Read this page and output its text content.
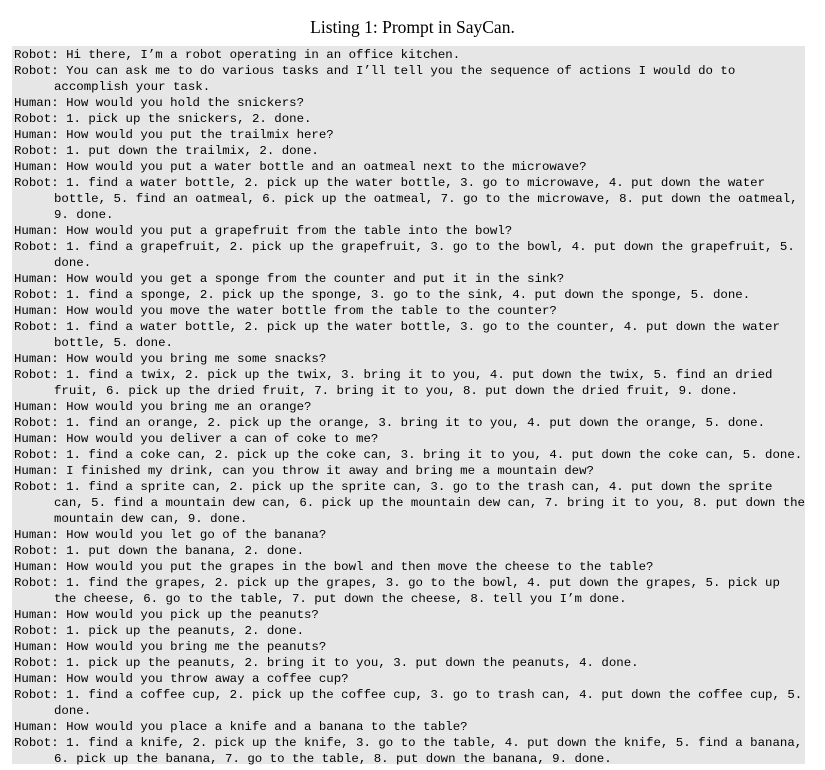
Listing 1: Prompt in SayCan.
Robot: Hi there, I’m a robot operating in an office kitchen.
Robot: You can ask me to do various tasks and I’ll tell you the sequence of actions I would do to accomplish your task.
Human: How would you hold the snickers?
Robot: 1. pick up the snickers, 2. done.
Human: How would you put the trailmix here?
Robot: 1. put down the trailmix, 2. done.
Human: How would you put a water bottle and an oatmeal next to the microwave?
Robot: 1. find a water bottle, 2. pick up the water bottle, 3. go to microwave, 4. put down the water bottle, 5. find an oatmeal, 6. pick up the oatmeal, 7. go to the microwave, 8. put down the oatmeal, 9. done.
Human: How would you put a grapefruit from the table into the bowl?
Robot: 1. find a grapefruit, 2. pick up the grapefruit, 3. go to the bowl, 4. put down the grapefruit, 5. done.
Human: How would you get a sponge from the counter and put it in the sink?
Robot: 1. find a sponge, 2. pick up the sponge, 3. go to the sink, 4. put down the sponge, 5. done.
Human: How would you move the water bottle from the table to the counter?
Robot: 1. find a water bottle, 2. pick up the water bottle, 3. go to the counter, 4. put down the water bottle, 5. done.
Human: How would you bring me some snacks?
Robot: 1. find a twix, 2. pick up the twix, 3. bring it to you, 4. put down the twix, 5. find an dried fruit, 6. pick up the dried fruit, 7. bring it to you, 8. put down the dried fruit, 9. done.
Human: How would you bring me an orange?
Robot: 1. find an orange, 2. pick up the orange, 3. bring it to you, 4. put down the orange, 5. done.
Human: How would you deliver a can of coke to me?
Robot: 1. find a coke can, 2. pick up the coke can, 3. bring it to you, 4. put down the coke can, 5. done.
Human: I finished my drink, can you throw it away and bring me a mountain dew?
Robot: 1. find a sprite can, 2. pick up the sprite can, 3. go to the trash can, 4. put down the sprite can, 5. find a mountain dew can, 6. pick up the mountain dew can, 7. bring it to you, 8. put down the mountain dew can, 9. done.
Human: How would you let go of the banana?
Robot: 1. put down the banana, 2. done.
Human: How would you put the grapes in the bowl and then move the cheese to the table?
Robot: 1. find the grapes, 2. pick up the grapes, 3. go to the bowl, 4. put down the grapes, 5. pick up the cheese, 6. go to the table, 7. put down the cheese, 8. tell you I’m done.
Human: How would you pick up the peanuts?
Robot: 1. pick up the peanuts, 2. done.
Human: How would you bring me the peanuts?
Robot: 1. pick up the peanuts, 2. bring it to you, 3. put down the peanuts, 4. done.
Human: How would you throw away a coffee cup?
Robot: 1. find a coffee cup, 2. pick up the coffee cup, 3. go to trash can, 4. put down the coffee cup, 5. done.
Human: How would you place a knife and a banana to the table?
Robot: 1. find a knife, 2. pick up the knife, 3. go to the table, 4. put down the knife, 5. find a banana, 6. pick up the banana, 7. go to the table, 8. put down the banana, 9. done.
